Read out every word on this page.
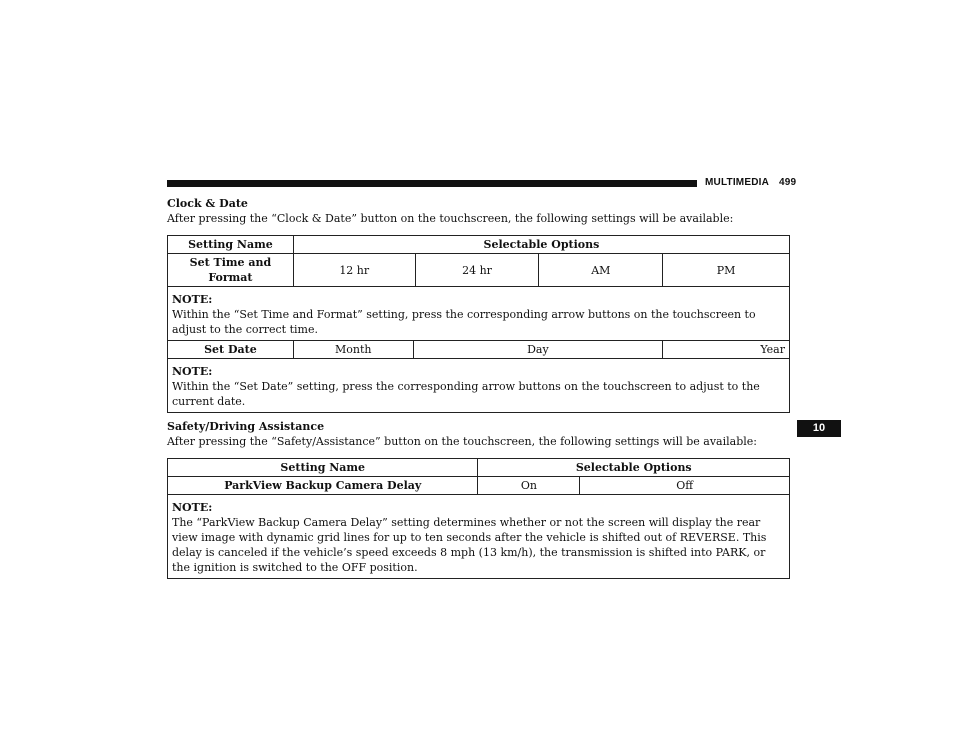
MULTIMEDIA 499
10
Clock & Date
After pressing the “Clock & Date” button on the touchscreen, the following settings will be available:
Setting Name	Selectable Options			
Set Time and Format	12 hr	24 hr	AM	PM

NOTE:
Within the “Set Time and Format” setting, press the corresponding arrow buttons on the touchscreen to adjust to the correct time.				
Set Date	Month	Day	Year

NOTE:
Within the “Set Date” setting, press the corresponding arrow buttons on the touchscreen to adjust to the current date.
Safety/Driving Assistance
After pressing the “Safety/Assistance” button on the touchscreen, the following settings will be available:
Setting Name	Selectable Options	
ParkView Backup Camera Delay	On	Off

NOTE:
The “ParkView Backup Camera Delay” setting determines whether or not the screen will display the rear view image with dynamic grid lines for up to ten seconds after the vehicle is shifted out of REVERSE. This delay is canceled if the vehicle’s speed exceeds 8 mph (13 km/h), the transmission is shifted into PARK, or the ignition is switched to the OFF position.		
